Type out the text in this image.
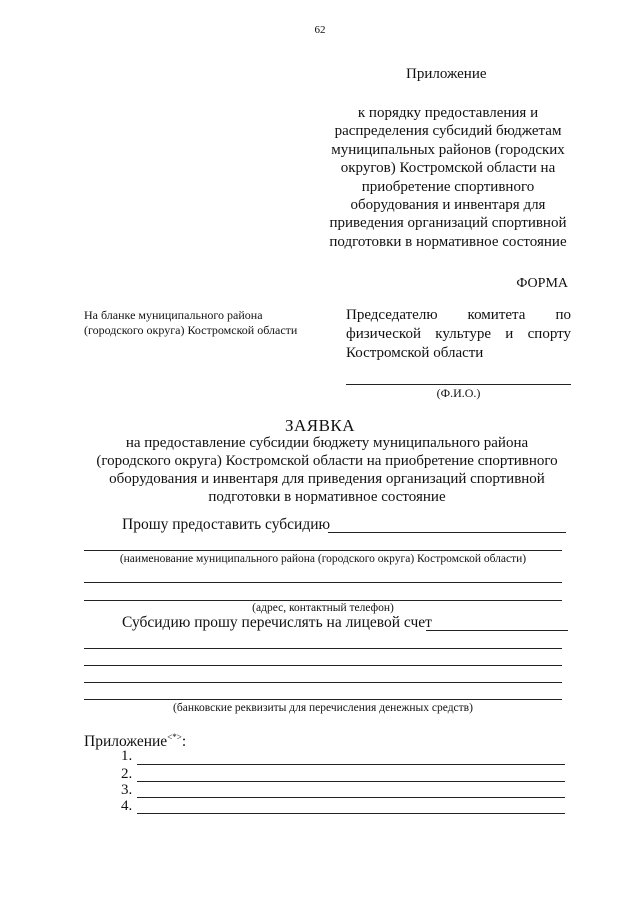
62
Приложение
к порядку предоставления и
распределения субсидий бюджетам
муниципальных районов (городских
округов) Костромской области на
приобретение спортивного
оборудования и инвентаря для
приведения организаций спортивной
подготовки в нормативное состояние
ФОРМА
На бланке муниципального района
(городского округа) Костромской области
Председателю комитета по
физической культуре и спорту
Костромской области
(Ф.И.О.)
ЗАЯВКА
на предоставление субсидии бюджету муниципального района
(городского округа) Костромской области на приобретение спортивного
оборудования и инвентаря для приведения организаций спортивной
подготовки в нормативное состояние
Прошу предоставить субсидию
(наименование муниципального района (городского округа) Костромской области)
(адрес, контактный телефон)
Субсидию прошу перечислять на лицевой счет
(банковские реквизиты для перечисления денежных средств)
Приложение<*>:
1.
2.
3.
4.
